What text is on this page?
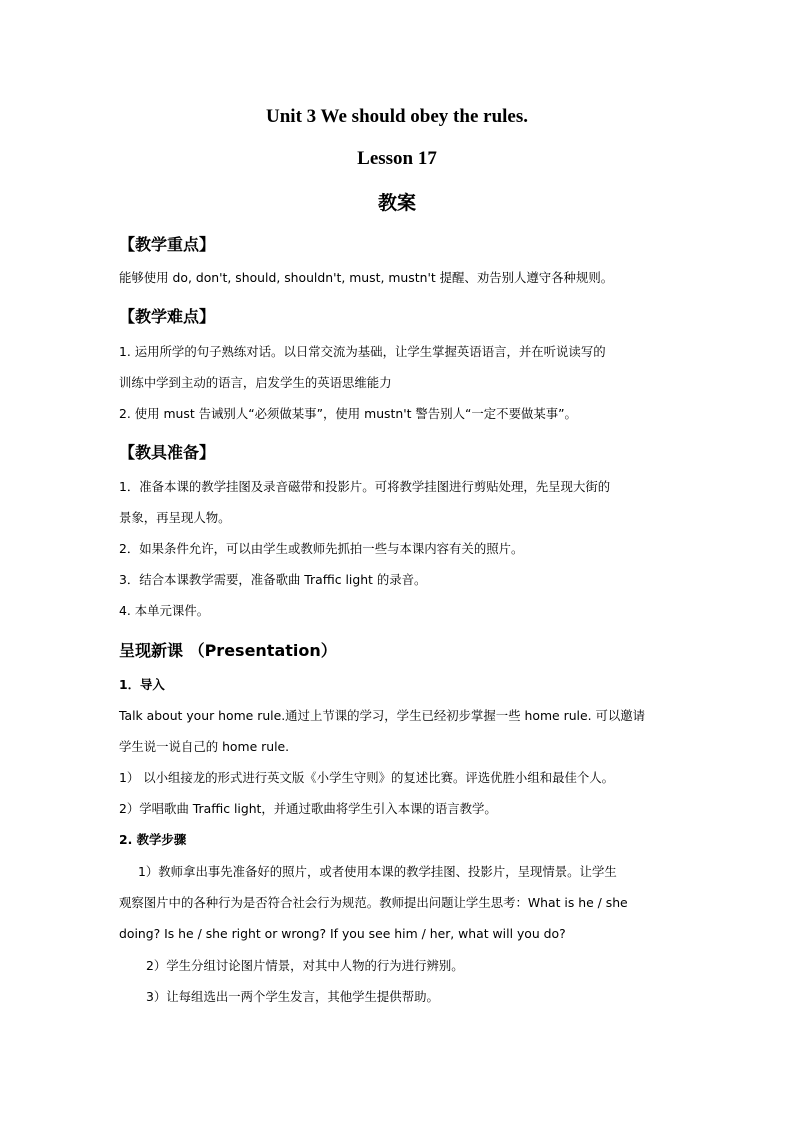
Unit 3 We should obey the rules.
Lesson 17
教案
【教学重点】
能够使用 do, don't, should, shouldn't, must, mustn't 提醒、劝告别人遵守各种规则。
【教学难点】
1. 运用所学的句子熟练对话。以日常交流为基础，让学生掌握英语语言，并在听说读写的
训练中学到主动的语言，启发学生的英语思维能力
2. 使用 must 告诫别人“必须做某事”，使用 mustn't 警告别人“一定不要做某事”。
【教具准备】
1．准备本课的教学挂图及录音磁带和投影片。可将教学挂图进行剪贴处理，先呈现大街的
景象，再呈现人物。
2．如果条件允许，可以由学生或教师先抓拍一些与本课内容有关的照片。
3．结合本课教学需要，准备歌曲 Traffic light 的录音。
4. 本单元课件。
呈现新课 （Presentation）
1．导入
Talk about your home rule.通过上节课的学习，学生已经初步掌握一些 home rule. 可以邀请
学生说一说自己的 home rule.
1） 以小组接龙的形式进行英文版《小学生守则》的复述比赛。评选优胜小组和最佳个人。
2）学唱歌曲 Traffic light，并通过歌曲将学生引入本课的语言教学。
2. 教学步骤
1）教师拿出事先准备好的照片，或者使用本课的教学挂图、投影片，呈现情景。让学生
观察图片中的各种行为是否符合社会行为规范。教师提出问题让学生思考：What is he / she
doing? Is he / she right or wrong? If you see him / her, what will you do?
2）学生分组讨论图片情景，对其中人物的行为进行辨别。
3）让每组选出一两个学生发言，其他学生提供帮助。
